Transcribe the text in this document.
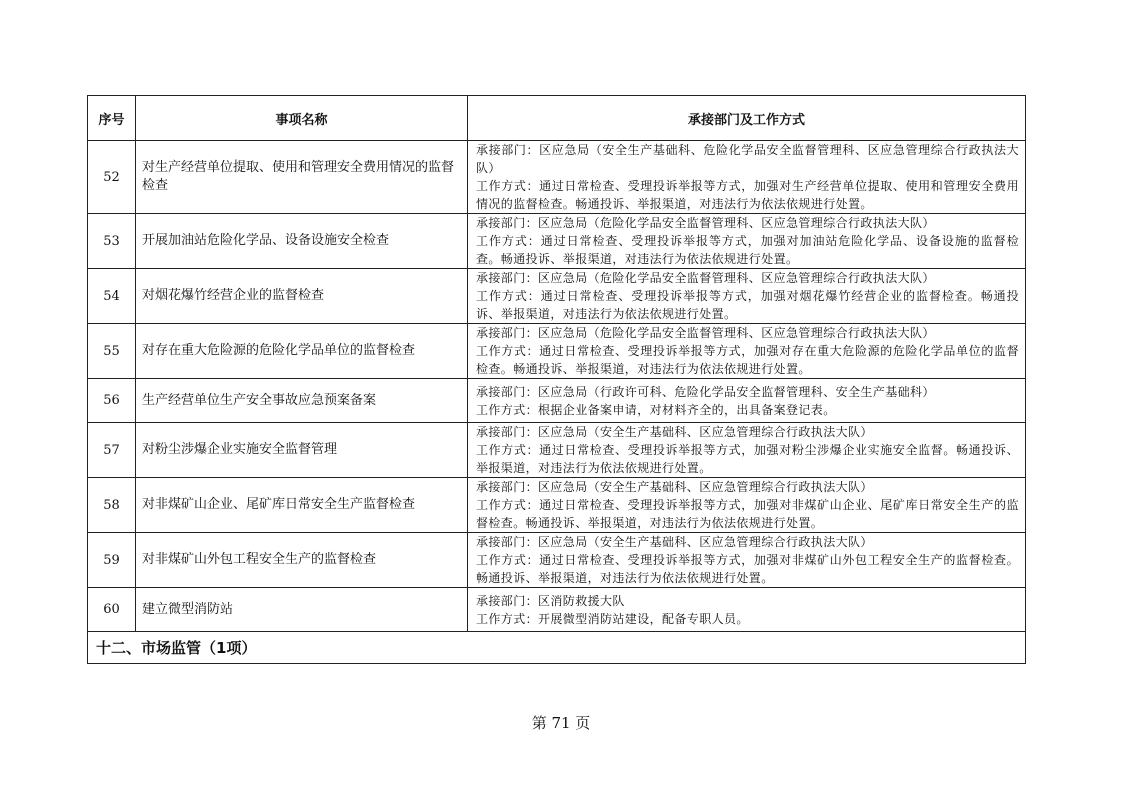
序号	事项名称	承接部门及工作方式
52	对生产经营单位提取、使用和管理安全费用情况的监督检查	承接部门：区应急局（安全生产基础科、危险化学品安全监督管理科、区应急管理综合行政执法大队）
工作方式：通过日常检查、受理投诉举报等方式，加强对生产经营单位提取、使用和管理安全费用情况的监督检查。畅通投诉、举报渠道，对违法行为依法依规进行处置。

53	开展加油站危险化学品、设备设施安全检查	承接部门：区应急局（危险化学品安全监督管理科、区应急管理综合行政执法大队）
工作方式：通过日常检查、受理投诉举报等方式，加强对加油站危险化学品、设备设施的监督检查。畅通投诉、举报渠道，对违法行为依法依规进行处置。

54	对烟花爆竹经营企业的监督检查	承接部门：区应急局（危险化学品安全监督管理科、区应急管理综合行政执法大队）
工作方式：通过日常检查、受理投诉举报等方式，加强对烟花爆竹经营企业的监督检查。畅通投诉、举报渠道，对违法行为依法依规进行处置。

55	对存在重大危险源的危险化学品单位的监督检查	承接部门：区应急局（危险化学品安全监督管理科、区应急管理综合行政执法大队）
工作方式：通过日常检查、受理投诉举报等方式，加强对存在重大危险源的危险化学品单位的监督检查。畅通投诉、举报渠道，对违法行为依法依规进行处置。

56	生产经营单位生产安全事故应急预案备案	承接部门：区应急局（行政许可科、危险化学品安全监督管理科、安全生产基础科）
工作方式：根据企业备案申请，对材料齐全的，出具备案登记表。

57	对粉尘涉爆企业实施安全监督管理	承接部门：区应急局（安全生产基础科、区应急管理综合行政执法大队）
工作方式：通过日常检查、受理投诉举报等方式，加强对粉尘涉爆企业实施安全监督。畅通投诉、举报渠道，对违法行为依法依规进行处置。

58	对非煤矿山企业、尾矿库日常安全生产监督检查	承接部门：区应急局（安全生产基础科、区应急管理综合行政执法大队）
工作方式：通过日常检查、受理投诉举报等方式，加强对非煤矿山企业、尾矿库日常安全生产的监督检查。畅通投诉、举报渠道，对违法行为依法依规进行处置。

59	对非煤矿山外包工程安全生产的监督检查	承接部门：区应急局（安全生产基础科、区应急管理综合行政执法大队）
工作方式：通过日常检查、受理投诉举报等方式，加强对非煤矿山外包工程安全生产的监督检查。畅通投诉、举报渠道，对违法行为依法依规进行处置。

60	建立微型消防站	承接部门：区消防救援大队
工作方式：开展微型消防站建设，配备专职人员。

十二、市场监管（1项）		
第 71 页
